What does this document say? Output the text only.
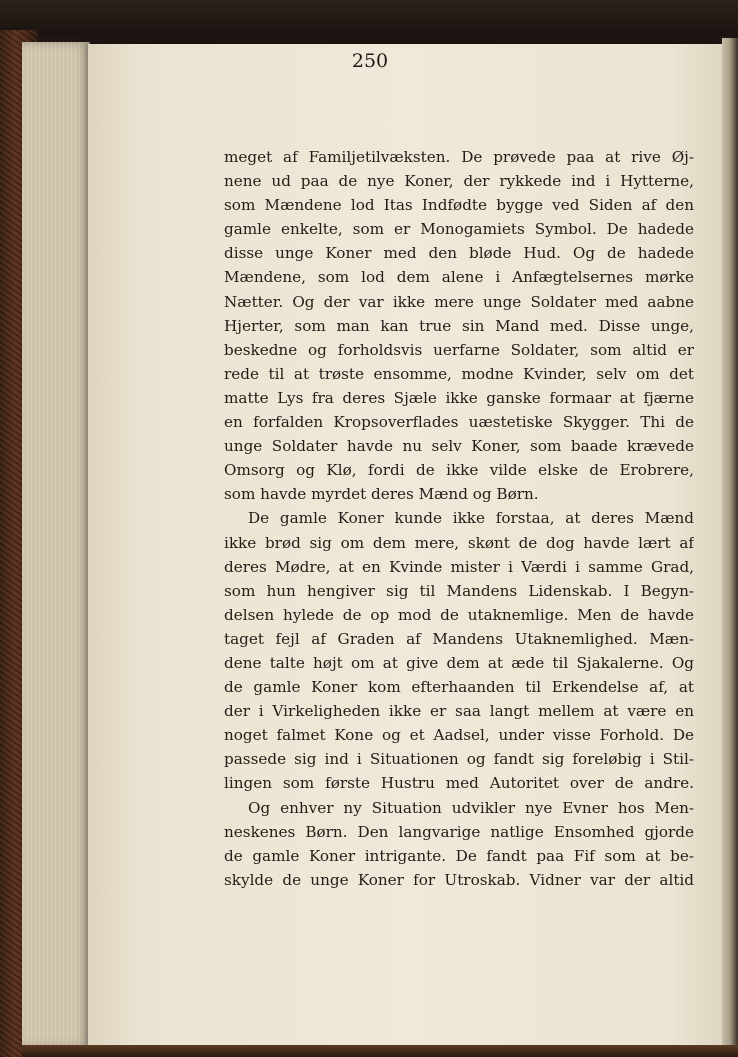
250
meget af Familjetilvæksten. De prøvede paa at rive Øj-
nene ud paa de nye Koner, der rykkede ind i Hytterne,
som Mændene lod Itas Indfødte bygge ved Siden af den
gamle enkelte, som er Monogamiets Symbol. De hadede
disse unge Koner med den bløde Hud. Og de hadede
Mændene, som lod dem alene i Anfægtelsernes mørke
Nætter. Og der var ikke mere unge Soldater med aabne
Hjerter, som man kan true sin Mand med. Disse unge,
beskedne og forholdsvis uerfarne Soldater, som altid er
rede til at trøste ensomme, modne Kvinder, selv om det
matte Lys fra deres Sjæle ikke ganske formaar at fjærne
en forfalden Kropsoverflades uæstetiske Skygger. Thi de
unge Soldater havde nu selv Koner, som baade krævede
Omsorg og Klø, fordi de ikke vilde elske de Erobrere,
som havde myrdet deres Mænd og Børn.
De gamle Koner kunde ikke forstaa, at deres Mænd
ikke brød sig om dem mere, skønt de dog havde lært af
deres Mødre, at en Kvinde mister i Værdi i samme Grad,
som hun hengiver sig til Mandens Lidenskab. I Begyn-
delsen hylede de op mod de utaknemlige. Men de havde
taget fejl af Graden af Mandens Utaknemlighed. Mæn-
dene talte højt om at give dem at æde til Sjakalerne. Og
de gamle Koner kom efterhaanden til Erkendelse af, at
der i Virkeligheden ikke er saa langt mellem at være en
noget falmet Kone og et Aadsel, under visse Forhold. De
passede sig ind i Situationen og fandt sig foreløbig i Stil-
lingen som første Hustru med Autoritet over de andre.
Og enhver ny Situation udvikler nye Evner hos Men-
neskenes Børn. Den langvarige natlige Ensomhed gjorde
de gamle Koner intrigante. De fandt paa Fif som at be-
skylde de unge Koner for Utroskab. Vidner var der altid
